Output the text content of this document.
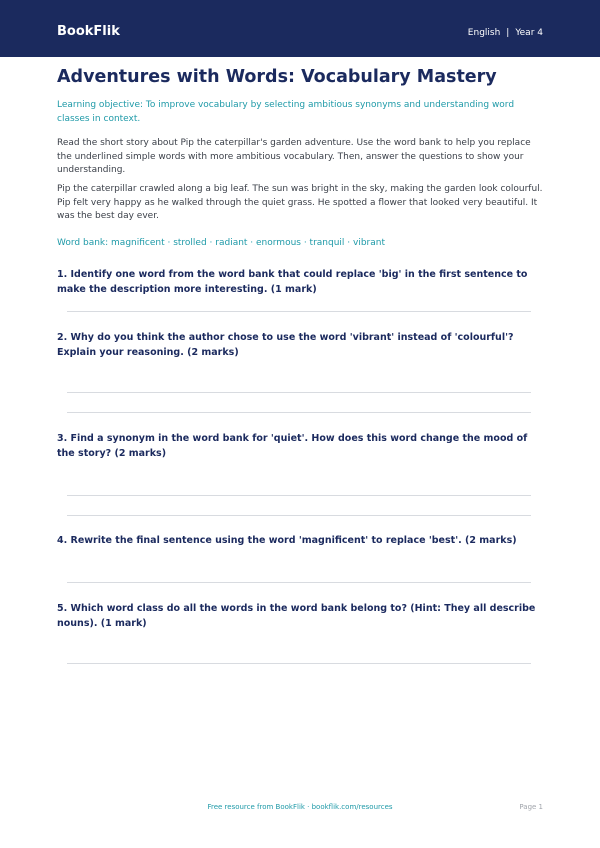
BookFlik	English | Year 4
Adventures with Words: Vocabulary Mastery
Learning objective: To improve vocabulary by selecting ambitious synonyms and understanding word classes in context.
Read the short story about Pip the caterpillar's garden adventure. Use the word bank to help you replace the underlined simple words with more ambitious vocabulary. Then, answer the questions to show your understanding.
Pip the caterpillar crawled along a big leaf. The sun was bright in the sky, making the garden look colourful. Pip felt very happy as he walked through the quiet grass. He spotted a flower that looked very beautiful. It was the best day ever.
Word bank: magnificent · strolled · radiant · enormous · tranquil · vibrant
1. Identify one word from the word bank that could replace 'big' in the first sentence to make the description more interesting. (1 mark)
2. Why do you think the author chose to use the word 'vibrant' instead of 'colourful'? Explain your reasoning. (2 marks)
3. Find a synonym in the word bank for 'quiet'. How does this word change the mood of the story? (2 marks)
4. Rewrite the final sentence using the word 'magnificent' to replace 'best'. (2 marks)
5. Which word class do all the words in the word bank belong to? (Hint: They all describe nouns). (1 mark)
Free resource from BookFlik · bookflik.com/resources	Page 1
